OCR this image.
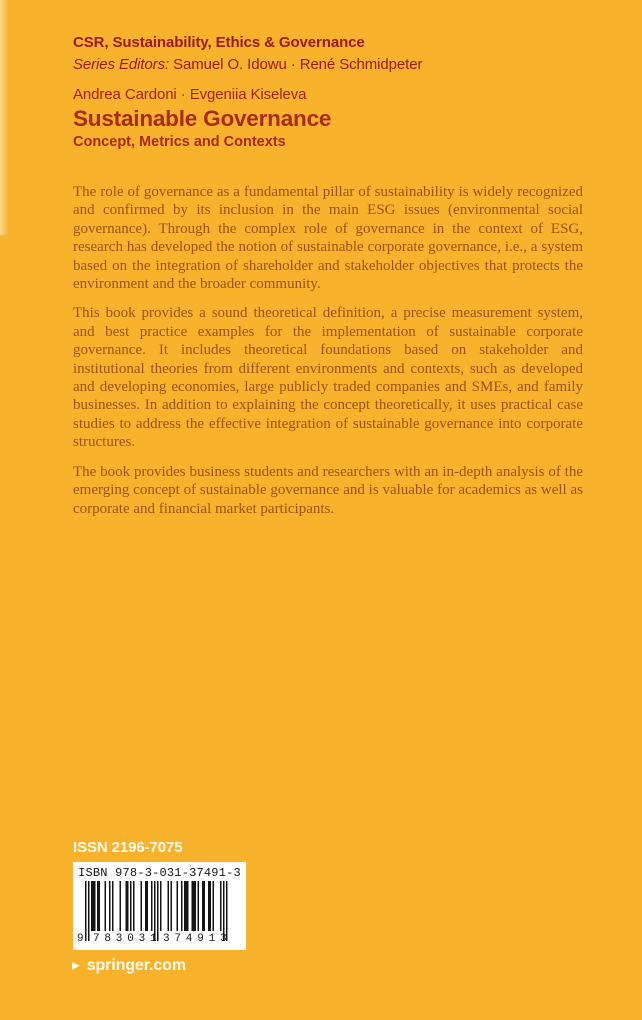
CSR, Sustainability, Ethics & Governance
Series Editors: Samuel O. Idowu · René Schmidpeter
Andrea Cardoni · Evgeniia Kiseleva
Sustainable Governance
Concept, Metrics and Contexts

The role of governance as a fundamental pillar of sustainability is widely recognized and confirmed by its inclusion in the main ESG issues (environmental social governance). Through the complex role of governance in the context of ESG, research has developed the notion of sustainable corporate governance, i.e., a system based on the integration of shareholder and stakeholder objectives that protects the environment and the broader community.

This book provides a sound theoretical definition, a precise measurement system, and best practice examples for the implementation of sustainable corporate governance. It includes theoretical foundations based on stakeholder and institutional theories from different environments and contexts, such as developed and developing economies, large publicly traded companies and SMEs, and family businesses. In addition to explaining the concept theoretically, it uses practical case studies to address the effective integration of sustainable governance into corporate structures.

The book provides business students and researchers with an in-depth analysis of the emerging concept of sustainable governance and is valuable for academics as well as corporate and financial market participants.

ISSN 2196-7075
ISBN 978-3-031-37491-3
9 783031 374913
▶ springer.com
